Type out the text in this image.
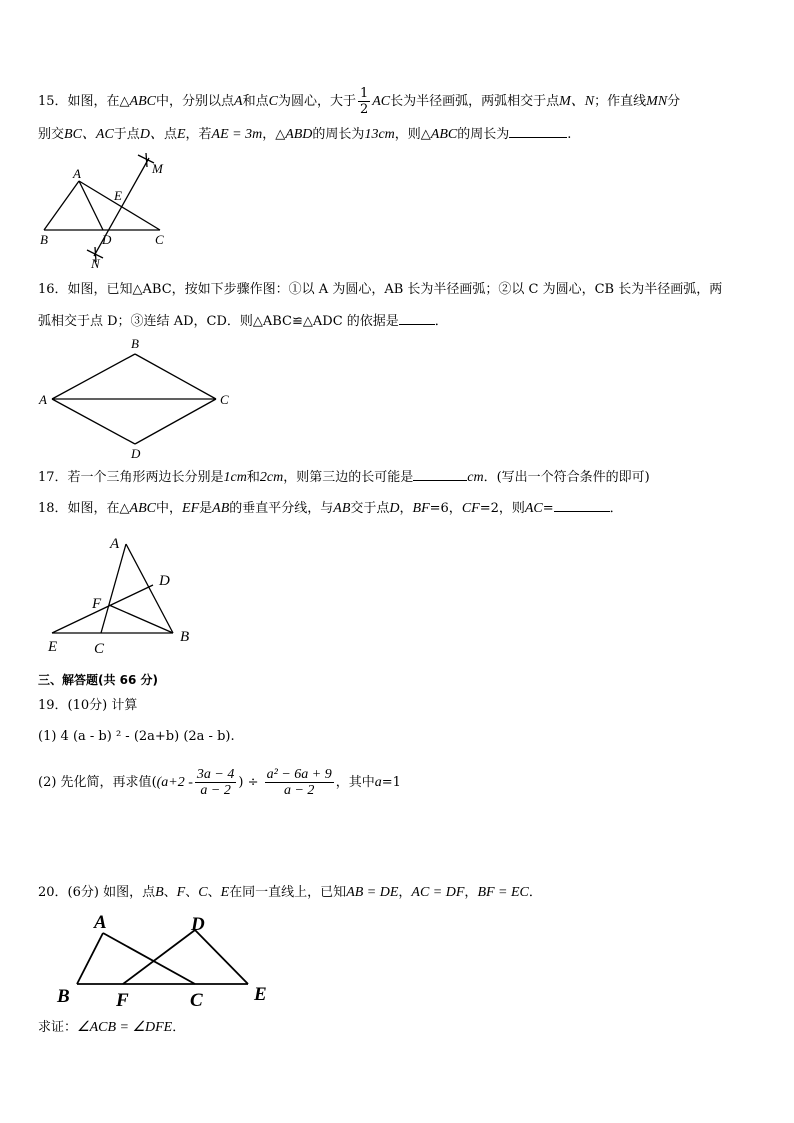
15．如图，在△ABC中，分别以点A和点C为圆心，大于 $\frac{1}{2}$ AC长为半径画弧，两弧相交于点M、N；作直线MN分
别交BC、AC于点D、点E，若AE = 3m，△ABD的周长为13cm，则△ABC的周长为	.
A
B	C
D
E
M
N
16．如图，已知△ABC，按如下步骤作图：①以 A 为圆心，AB 长为半径画弧；②以 C 为圆心，CB 长为半径画弧，两
弧相交于点 D；③连结 AD，CD．则△ABC≌△ADC 的依据是	．
B
A	C
D
17．若一个三角形两边长分别是1cm和2cm，则第三边的长可能是	cm．(写出一个符合条件的即可)
18．如图，在△ABC中，EF是AB的垂直平分线，与AB交于点D，BF=6，CF=2，则AC=	．
A
D
F
B
E C
三、解答题(共 66 分)
19．(10分) 计算
(1) 4 (a - b) ² - (2a+b) (2a - b).
(2) 先化简，再求值(($a+2 - \frac{3a - 4}{a - 2}$ ) ÷ $\frac{\text{a² − 6a + 9}}{a - 2}$ ，其中a=1
20．(6分) 如图，点B、F、C、E在同一直线上，已知AB = DE，AC = DF，BF = EC．
A	D
B F	C	E
求证：∠ACB = ∠DFE．
